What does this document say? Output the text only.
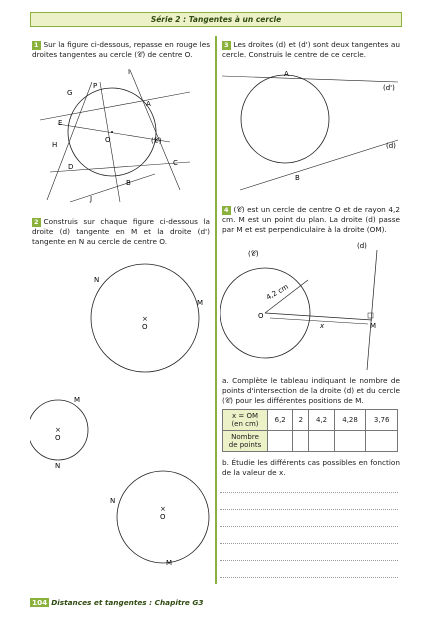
Série 2 : Tangentes à un cercle
1 Sur la figure ci-dessous, repasse en rouge les droites tangentes au cercle (𝒞) de centre O.
I
G
P
A
E
O	(𝒞)
H
D	C
B
J
2 Construis sur chaque figure ci-dessous la droite (d) tangente en M et la droite (d') tangente en N au cercle de centre O.
×
O
N
M
×
O
M
N
×
O
N
M
3 Les droites (d) et (d') sont deux tangentes au cercle. Construis le centre de ce cercle.
A
(d')
(d)
B
4 (𝒞) est un cercle de centre O et de rayon 4,2 cm. M est un point du plan. La droite (d) passe par M et est perpendiculaire à la droite (OM).
(𝒞)
(d)
4,2 cm
O
x	M
a. Complète le tableau indiquant le nombre de points d'intersection de la droite (d) et du cercle (𝒞) pour les différentes positions de M.
x = OM (en cm)	6,2	2	4,2	4,28	3,76
Nombre de points					
b. Étudie les différents cas possibles en fonction de la valeur de x.
104 Distances et tangentes : Chapitre G3
